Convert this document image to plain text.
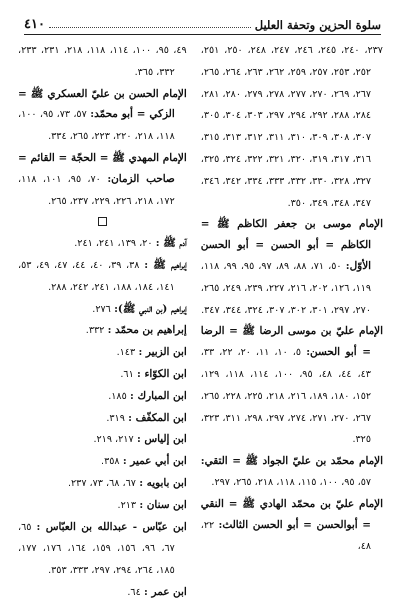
سلوة الحزين وتحفة العليل
٤١٠

٢٣٧، ٢٤٠، ٢٤٥، ٢٤٦، ٢٤٧، ٢٤٨، ٢٥٠، ٢٥١، ٢٥٢، ٢٥٣، ٢٥٧، ٢٥٩، ٢٦٢، ٢٦٣، ٢٦٤، ٢٦٥، ٢٦٧، ٢٦٩، ٢٧٠، ٢٧٧، ٢٧٨، ٢٧٩، ٢٨٠، ٢٨١، ٢٨٤، ٢٨٨، ٢٩٢، ٢٩٤، ٢٩٧، ٣٠٣، ٣٠٤، ٣٠٥، ٣٠٧، ٣٠٨، ٣٠٩، ٣١٠، ٣١١، ٣١٢، ٣١٣، ٣١٥، ٣١٦، ٣١٧، ٣١٩، ٣٢٠، ٣٢١، ٣٢٢، ٣٢٤، ٣٢٥، ٣٢٧، ٣٢٨، ٣٣٠، ٣٣٢، ٣٣٣، ٣٣٤، ٣٤٢، ٣٤٦، ٣٤٧، ٣٤٨، ٣٤٩، ٣٥٠.

الإمام موسى بن جعفر الكاظم ﷺ = الكاظم = أبو الحسن = أبو الحسن الأوّل: ٥٠، ٧١، ٨٨، ٨٩، ٩٧، ٩٥، ٩٩، ١١٨، ١١٩، ١٢٦، ٢٠٢، ٢١٦، ٢٢٧، ٢٣٩، ٢٤٩، ٢٦٥، ٢٧٠، ٢٩٧، ٣٠١، ٣٠٢، ٣٠٧، ٣٢٤، ٣٤٤، ٣٤٧.

الإمام عليّ بن موسى الرضا ﷺ = الرضا = أبو الحسن: ٥، ١٠، ١١، ٢٠، ٢٢، ٣٣، ٤٣، ٤٤، ٤٨، ٩٥، ١٠٠، ١١٤، ١١٨، ١٢٩، ١٥٢، ١٨٠، ١٨٩، ٢١٦، ٢١٨، ٢٢٥، ٢٢٨، ٢٦٥، ٢٦٧، ٢٧٠، ٢٧١، ٢٧٤، ٢٩٧، ٢٩٨، ٣١١، ٣٢٣، ٣٢٥.

الإمام محمّد بن عليّ الجواد ﷺ = التقي: ٥٧، ٩٥، ١٠٠، ١١٥، ١١٨، ٢١٨، ٢٦٥، ٢٩٧.

الإمام عليّ بن محمّد الهادي ﷺ = النقي = أبوالحسن = أبو الحسن الثالث: ٢٢، ٤٨،

٤٩، ٩٥، ١٠٠، ١١٤، ١١٨، ٢١٨، ٢٣١، ٢٣٣، ٣٣٢، ٣٦٥.

الإمام الحسن بن عليّ العسكري ﷺ = الزكي = أبو محمّد: ٥٧، ٧٣، ٩٥، ١٠٠، ١١٨، ٢١٨، ٢٢٠، ٢٢٣، ٢٦٥، ٣٣٤.

الإمام المهدي ﷺ = الحجّة = القائم = صاحب الزمان: ٧٠، ٩٥، ١٠١، ١١٨، ١٧٢، ٢١٨، ٢٢٦، ٢٢٩، ٢٣٧، ٢٦٥.

آدم ﷺ : ٢٠، ١٣٩، ٢٤١، ٢٤١.

إبراهيم ﷺ : ٣٨، ٣٩، ٤٠، ٤٤، ٤٧، ٤٩، ٥٣، ١٤١، ١٨٤، ١٨٨، ٢٤١، ٢٤٢، ٢٨٨.

إبراهيم (بن النبي ﷺ): ٢٧٦.

إبراهيم بن محمّد : ٣٣٢.

ابن الزبير : ١٤٣.

ابن الكوّاء : ٦١.

ابن المبارك : ١٨٥.

ابن المكفّف : ٣١٩.

ابن إلياس : ٢١٧، ٢١٩.

ابن أبي عمير : ٣٥٨.

ابن بابويه : ٦٧، ٦٨، ٧٣، ٢٣٧.

ابن سنان : ٢١٣.

ابن عبّاس - عبدالله بن العبّاس : ٦٥، ٦٧، ٩٦، ١٥٦، ١٥٩، ١٦٤، ١٧٦، ١٧٧، ١٨٥، ٢٦٤، ٢٩٤، ٢٩٧، ٣٣٣، ٣٥٣.

ابن عمر : ٦٤.
